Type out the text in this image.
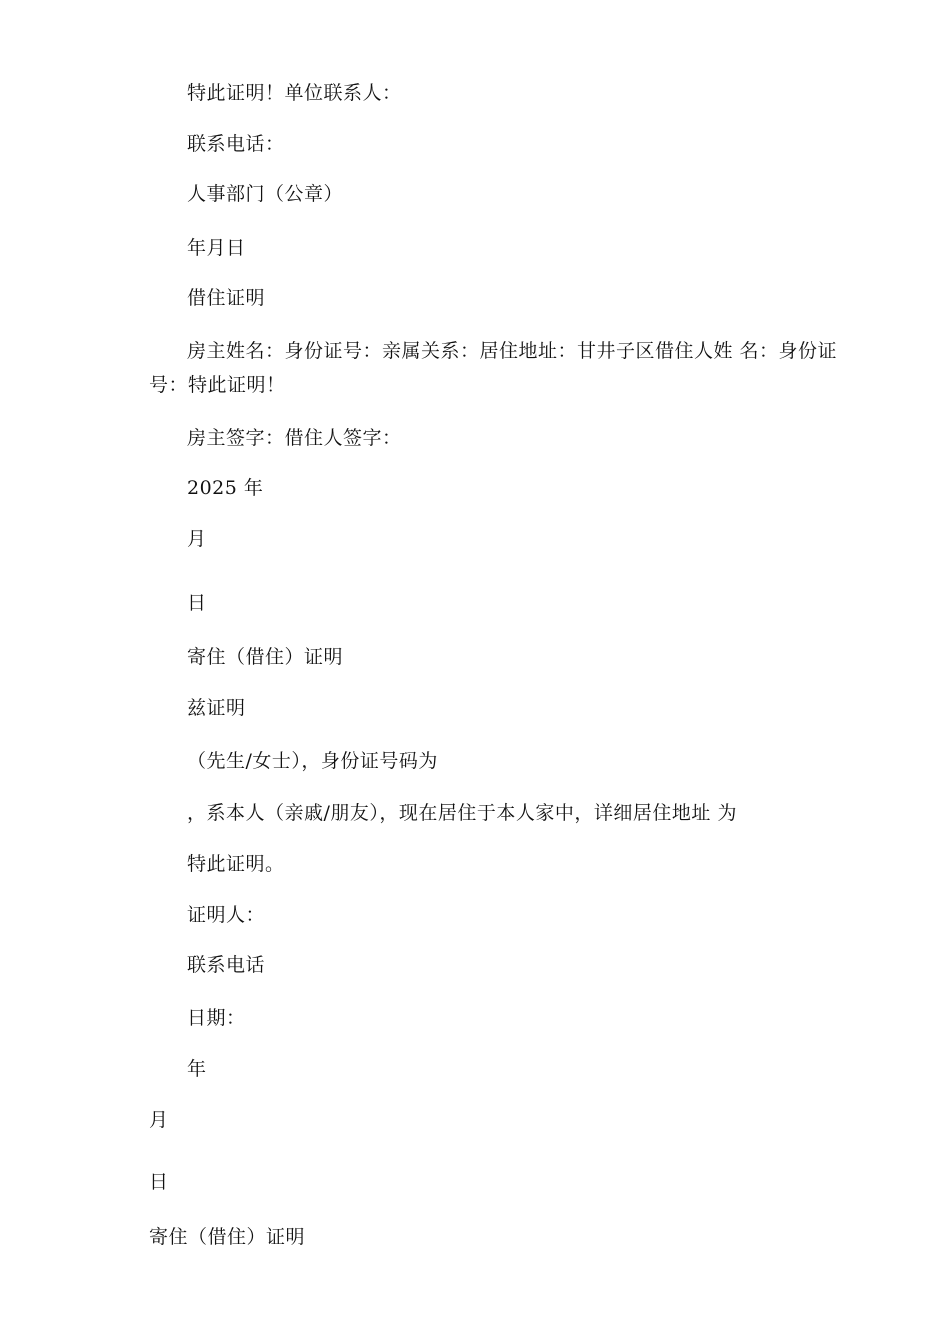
特此证明！单位联系人：

联系电话：

人事部门（公章）

年月日

借住证明

房主姓名：身份证号：亲属关系：居住地址：甘井子区借住人姓 名：身份证号：特此证明！

房主签字：借住人签字：

2025 年

月

日

寄住（借住）证明

兹证明

（先生/女士），身份证号码为

，系本人（亲戚/朋友），现在居住于本人家中，详细居住地址 为

特此证明。

证明人：

联系电话

日期：

年

月

日

寄住（借住）证明
